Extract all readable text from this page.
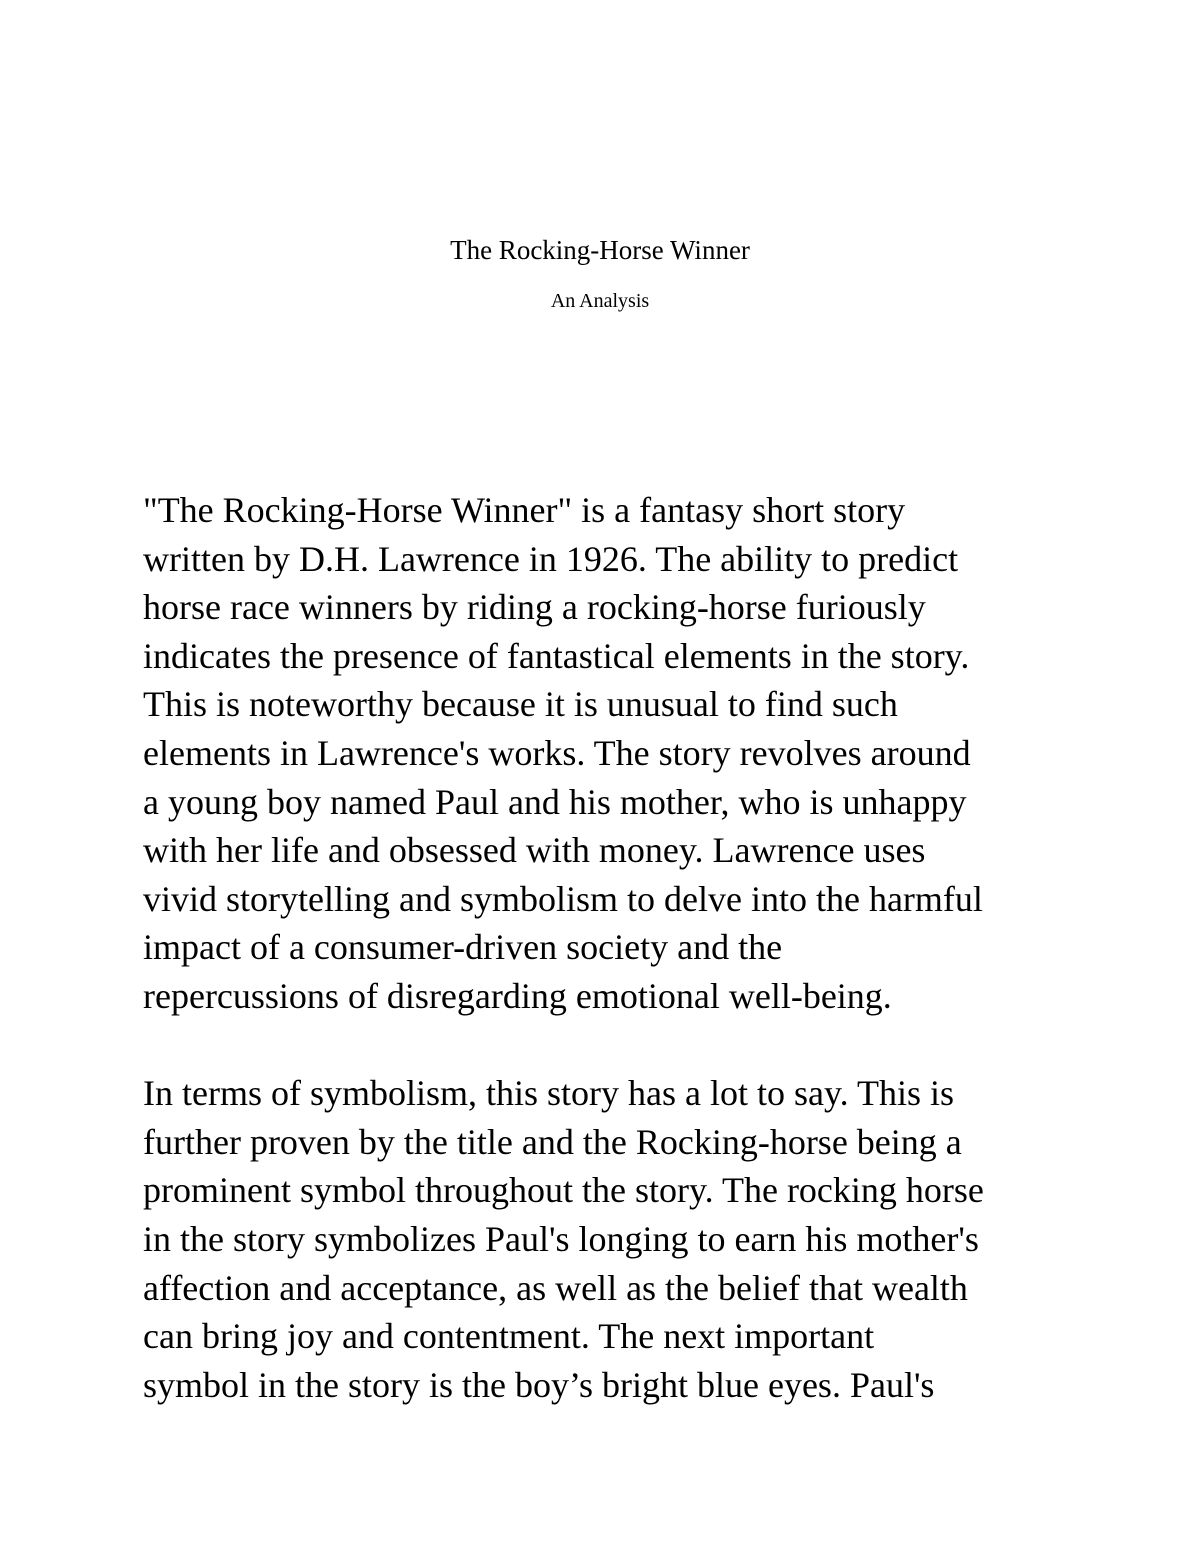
The Rocking-Horse Winner
An Analysis

"The Rocking-Horse Winner" is a fantasy short story
written by D.H. Lawrence in 1926. The ability to predict
horse race winners by riding a rocking-horse furiously
indicates the presence of fantastical elements in the story.
This is noteworthy because it is unusual to find such
elements in Lawrence's works. The story revolves around
a young boy named Paul and his mother, who is unhappy
with her life and obsessed with money. Lawrence uses
vivid storytelling and symbolism to delve into the harmful
impact of a consumer-driven society and the
repercussions of disregarding emotional well-being.

In terms of symbolism, this story has a lot to say. This is
further proven by the title and the Rocking-horse being a
prominent symbol throughout the story. The rocking horse
in the story symbolizes Paul's longing to earn his mother's
affection and acceptance, as well as the belief that wealth
can bring joy and contentment. The next important
symbol in the story is the boy’s bright blue eyes. Paul's
